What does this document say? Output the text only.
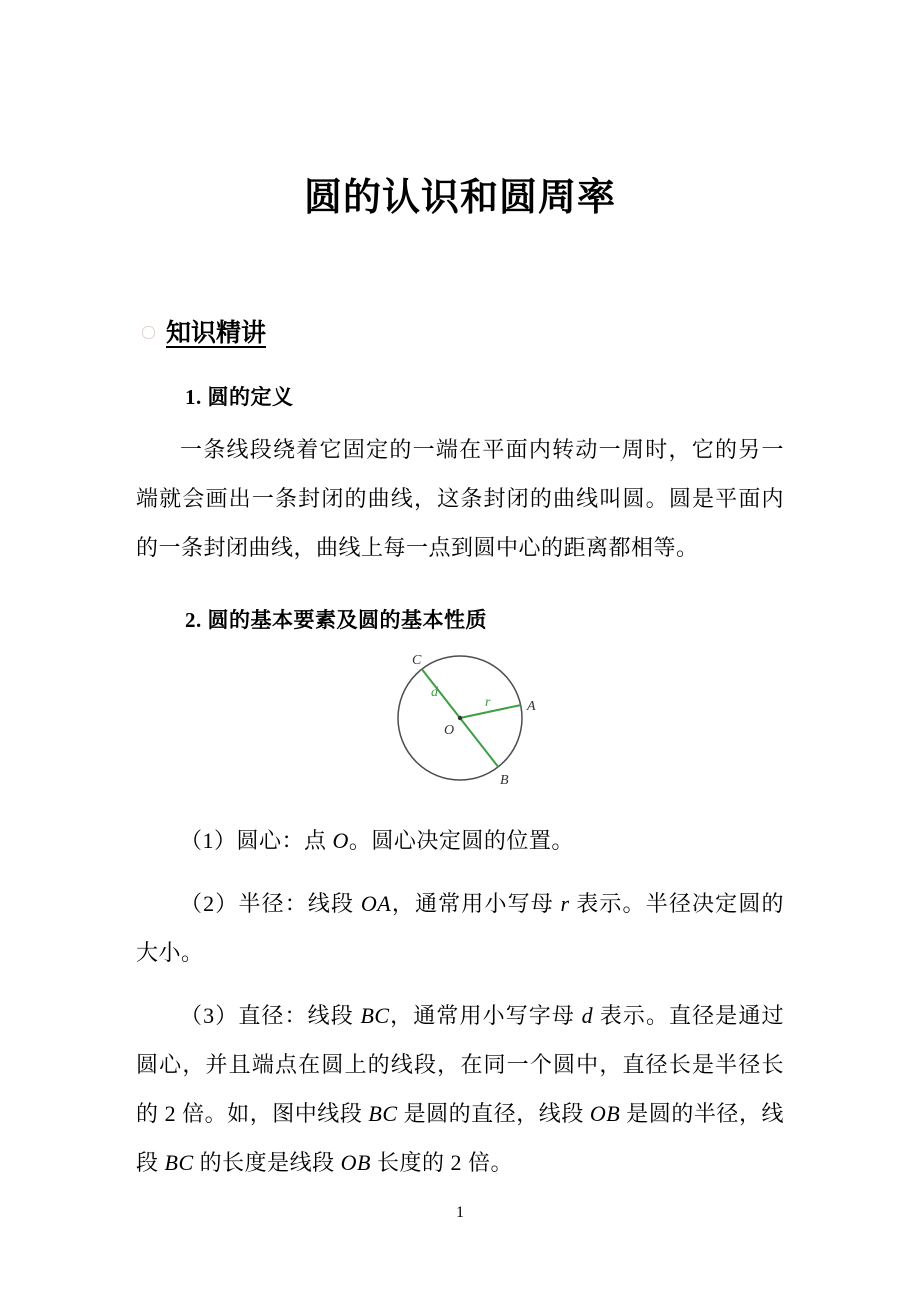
圆的认识和圆周率
知识精讲
1. 圆的定义

一条线段绕着它固定的一端在平面内转动一周时，它的另一端就会画出一条封闭的曲线，这条封闭的曲线叫圆。圆是平面内的一条封闭曲线，曲线上每一点到圆中心的距离都相等。

2. 圆的基本要素及圆的基本性质
C
A
B
O
d
r

（1）圆心：点 O。圆心决定圆的位置。

（2）半径：线段 OA，通常用小写母 r 表示。半径决定圆的大小。

（3）直径：线段 BC，通常用小写字母 d 表示。直径是通过圆心，并且端点在圆上的线段，在同一个圆中，直径长是半径长的 2 倍。如，图中线段 BC 是圆的直径，线段 OB 是圆的半径，线段 BC 的长度是线段 OB 长度的 2 倍。

1
